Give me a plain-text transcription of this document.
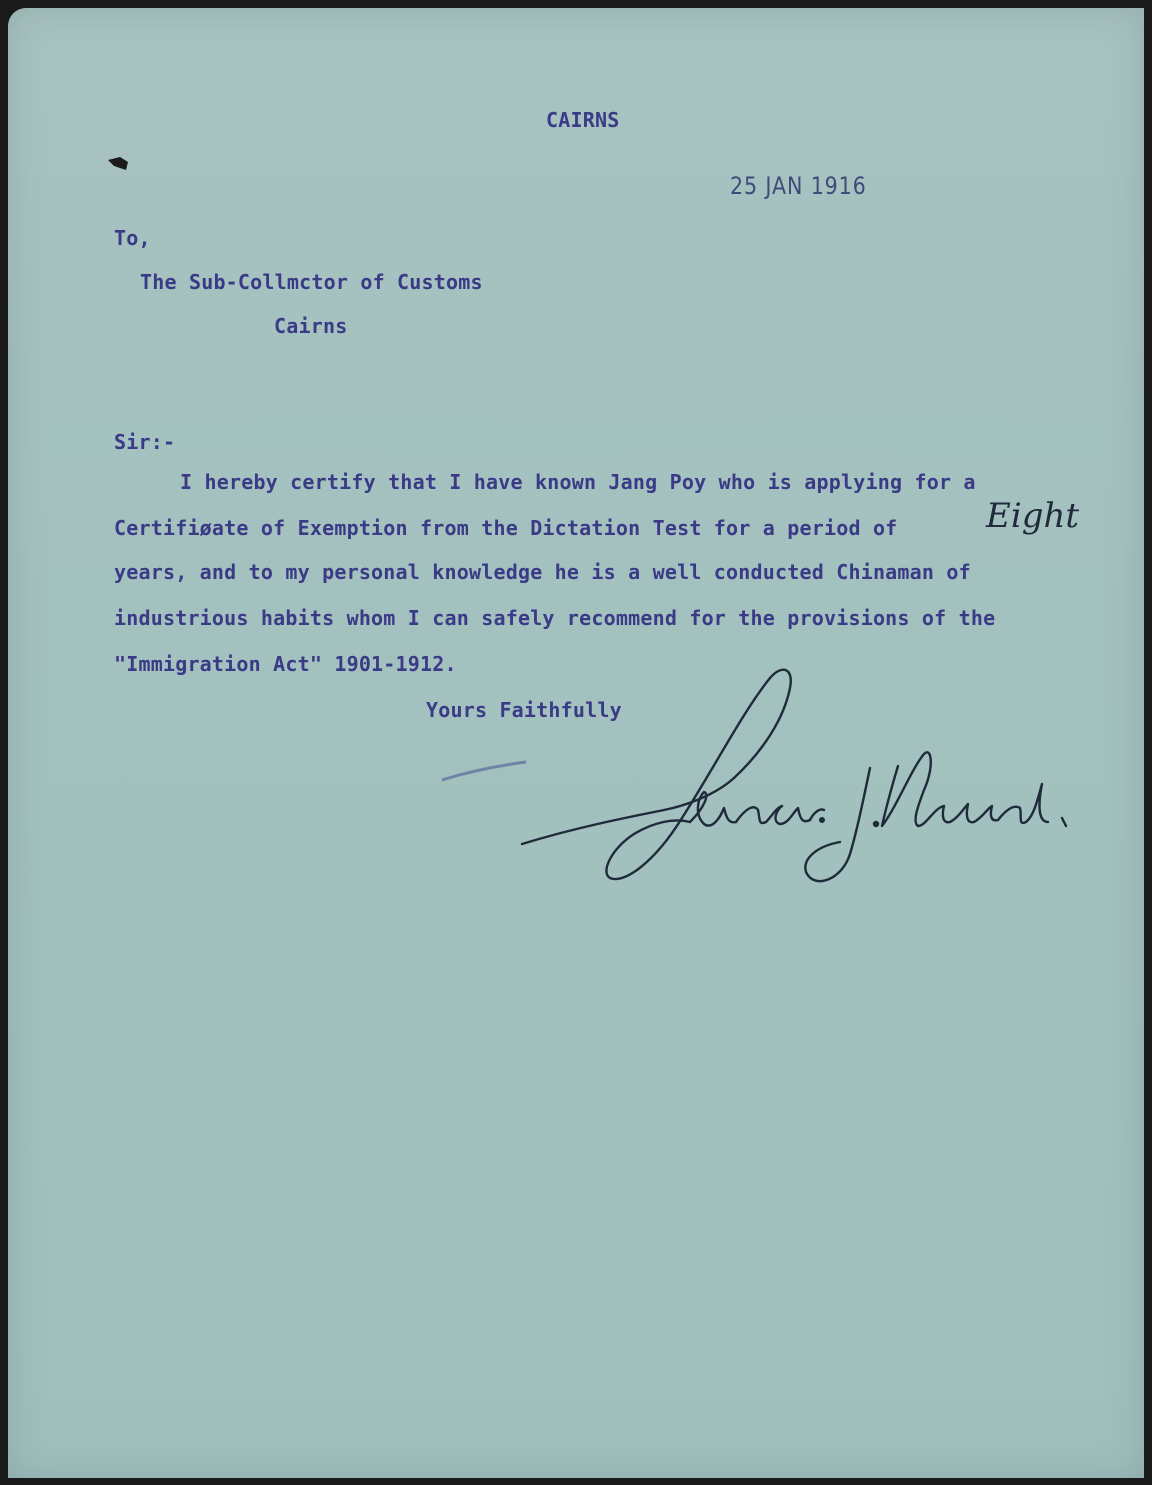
CAIRNS
25 JAN 1916
To,
The Sub-Collmctor of Customs
Cairns
Sir:-
I hereby certify that I have known Jang Poy who is applying for a
Certifiøate of Exemption from the Dictation Test for a period of	Eight
years, and to my personal knowledge he is a well conducted Chinaman of
industrious habits whom I can safely recommend for the provisions of the
"Immigration Act" 1901-1912.
Yours Faithfully
